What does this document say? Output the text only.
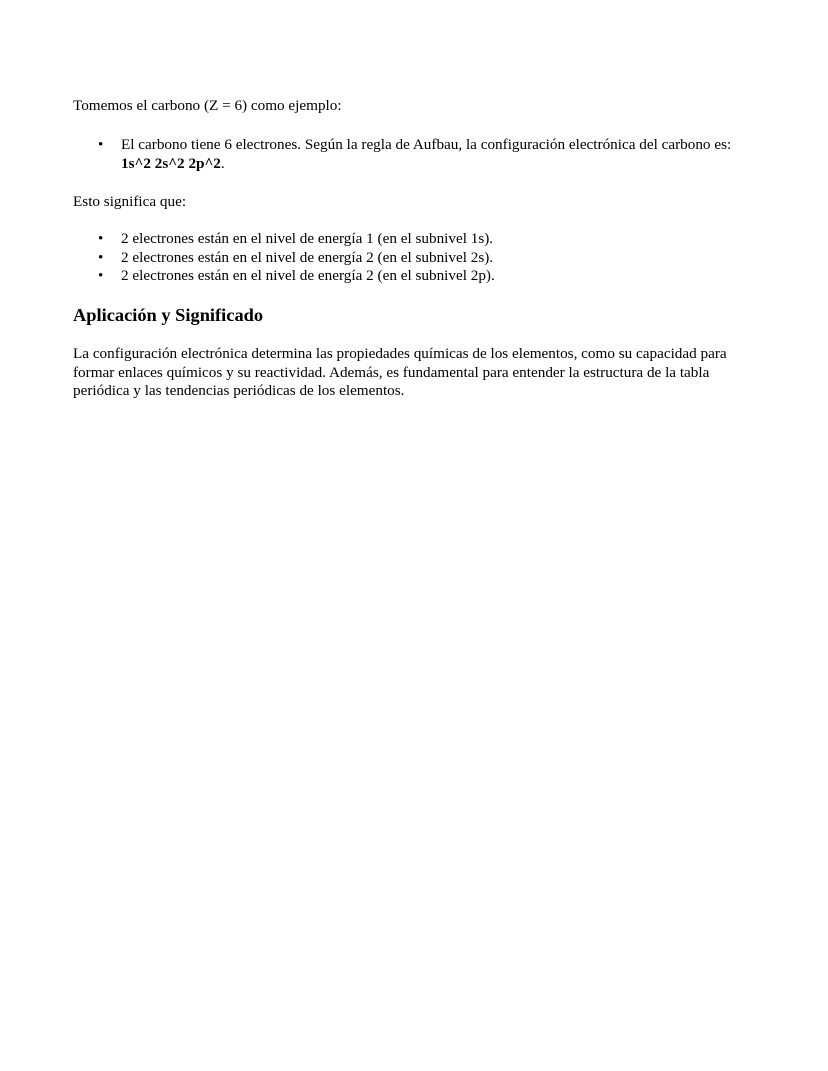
Tomemos el carbono (Z = 6) como ejemplo:

• El carbono tiene 6 electrones. Según la regla de Aufbau, la configuración electrónica del carbono es: 1s^2 2s^2 2p^2.

Esto significa que:

• 2 electrones están en el nivel de energía 1 (en el subnivel 1s).
• 2 electrones están en el nivel de energía 2 (en el subnivel 2s).
• 2 electrones están en el nivel de energía 2 (en el subnivel 2p).
Aplicación y Significado

La configuración electrónica determina las propiedades químicas de los elementos, como su capacidad para formar enlaces químicos y su reactividad. Además, es fundamental para entender la estructura de la tabla periódica y las tendencias periódicas de los elementos.
